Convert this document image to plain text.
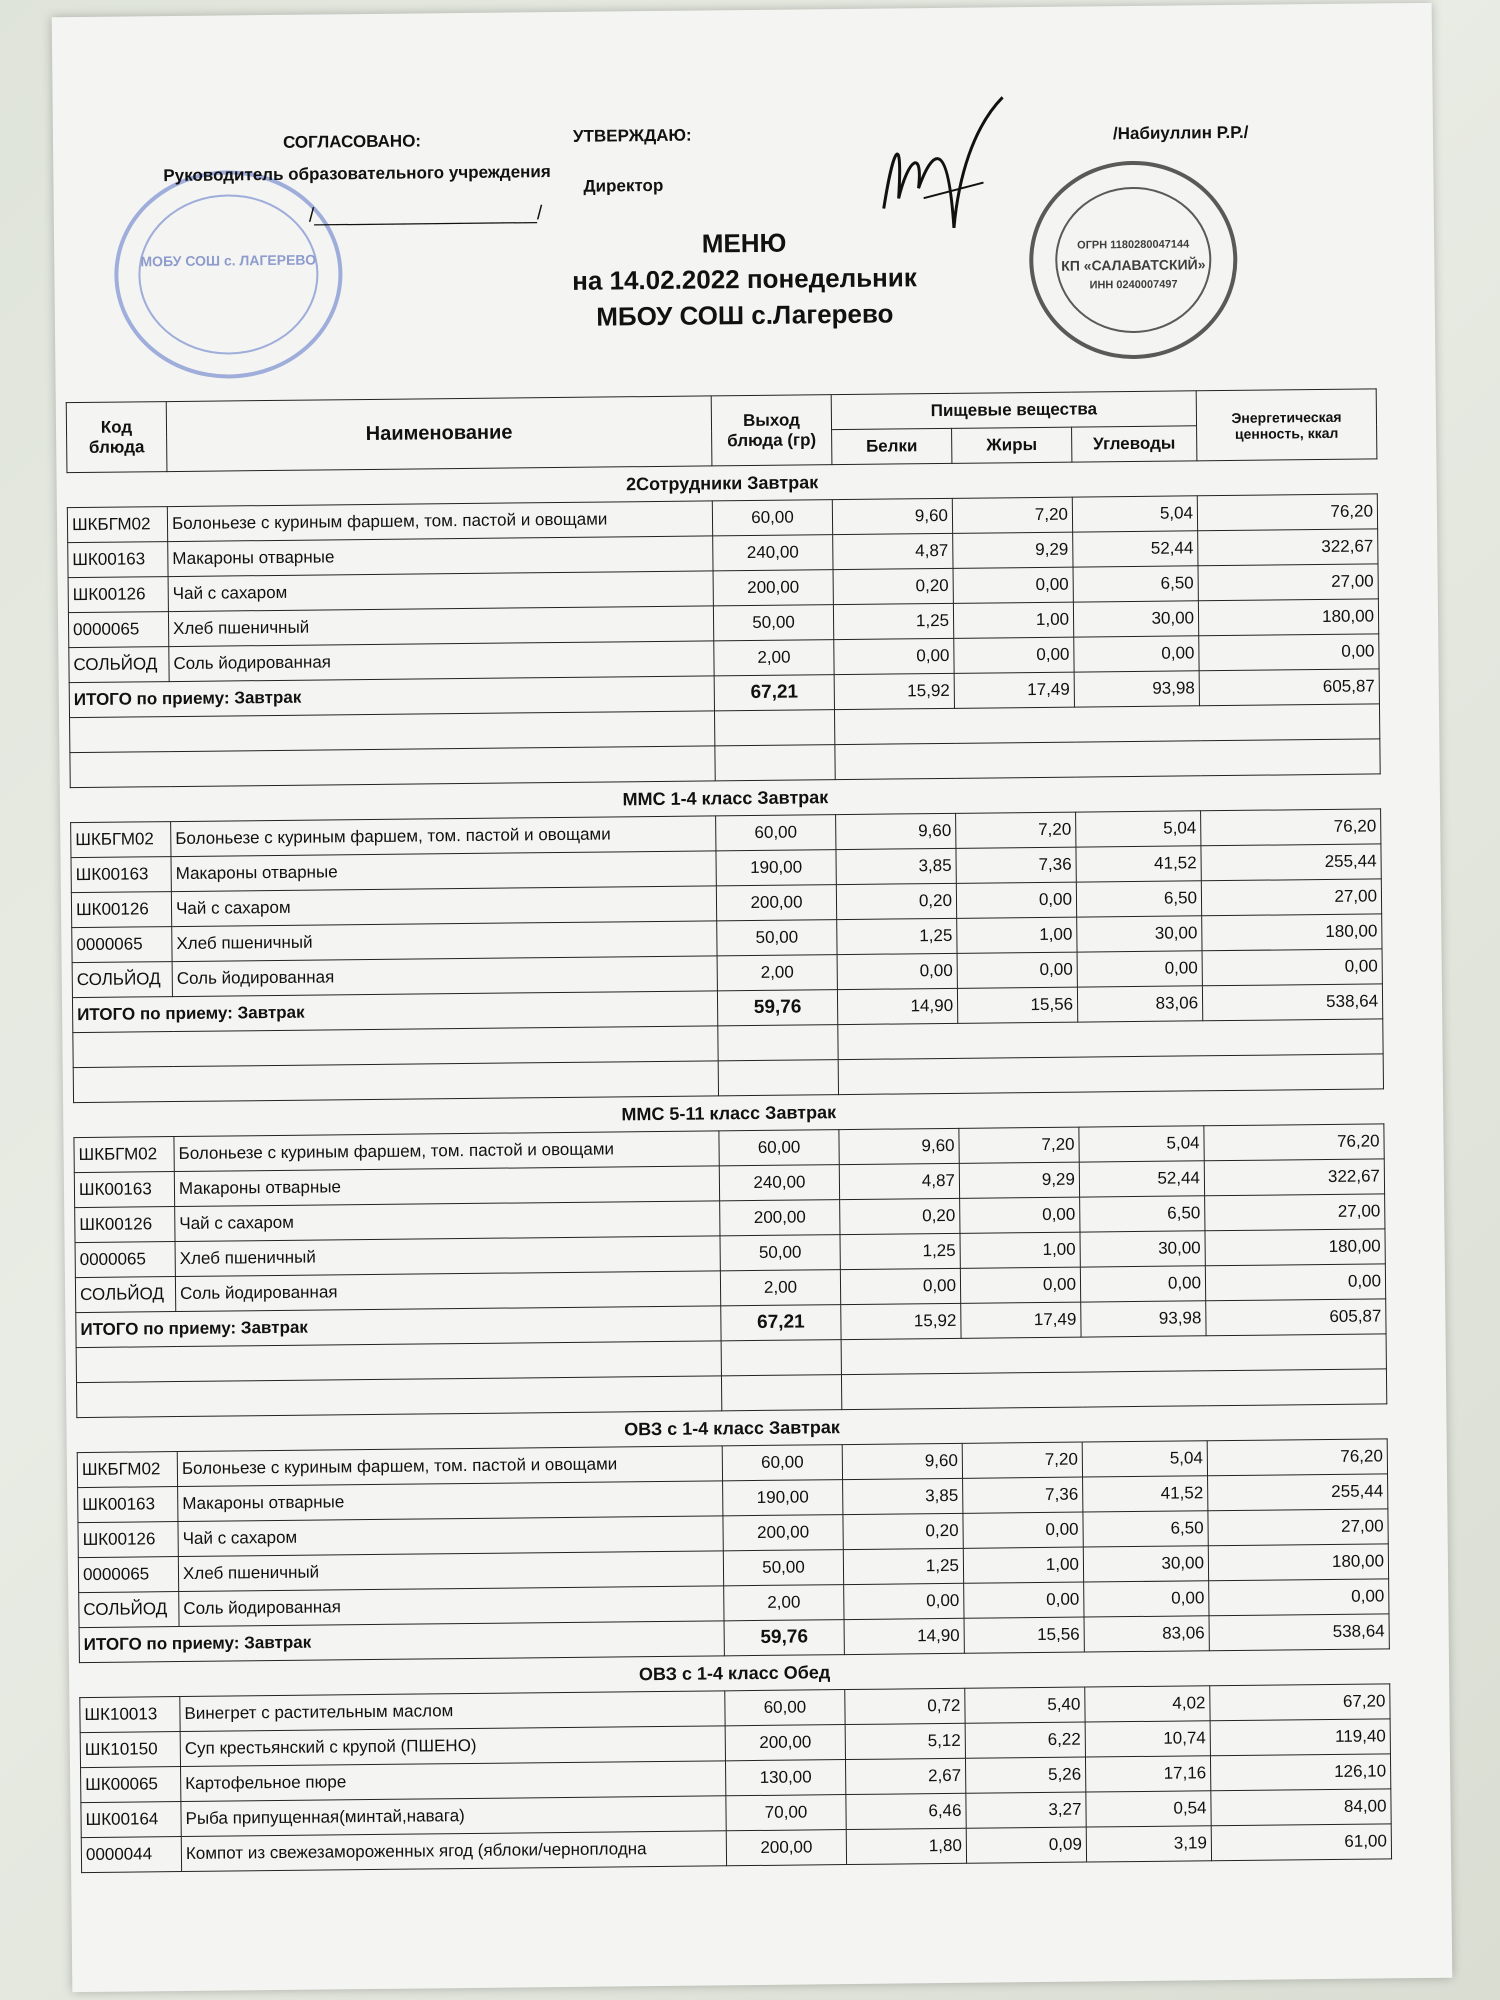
МОБУ СОШ с. ЛАГЕРЕВО
СОГЛАСОВАНО:
Руководитель образовательного учреждения
/____________________/
УТВЕРЖДАЮ:
Директор
/Набиуллин Р.Р./
ОГРН 1180280047144
КП «САЛАВАТСКИЙ»
ИНН 0240007497
МЕНЮ
на 14.02.2022 понедельник
МБОУ СОШ с.Лагерево
Код блюда	Наименование	Выход блюда (гр)	Пищевые вещества			Энергетическая ценность, ккал
			Белки	Жиры	Углеводы	
2Сотрудники Завтрак						
ШКБГМ02	Болоньезе с куриным фаршем, том. пастой и овощами	60,00	9,60	7,20	5,04	76,20
ШК00163	Макароны отварные	240,00	4,87	9,29	52,44	322,67
ШК00126	Чай с сахаром	200,00	0,20	0,00	6,50	27,00
0000065	Хлеб пшеничный	50,00	1,25	1,00	30,00	180,00
СОЛЬЙОД	Соль йодированная	2,00	0,00	0,00	0,00	0,00
ИТОГО по приему: Завтрак		67,21	15,92	17,49	93,98	605,87

ММС 1-4 класс Завтрак						
ШКБГМ02	Болоньезе с куриным фаршем, том. пастой и овощами	60,00	9,60	7,20	5,04	76,20
ШК00163	Макароны отварные	190,00	3,85	7,36	41,52	255,44
ШК00126	Чай с сахаром	200,00	0,20	0,00	6,50	27,00
0000065	Хлеб пшеничный	50,00	1,25	1,00	30,00	180,00
СОЛЬЙОД	Соль йодированная	2,00	0,00	0,00	0,00	0,00
ИТОГО по приему: Завтрак		59,76	14,90	15,56	83,06	538,64

ММС 5-11 класс Завтрак						
ШКБГМ02	Болоньезе с куриным фаршем, том. пастой и овощами	60,00	9,60	7,20	5,04	76,20
ШК00163	Макароны отварные	240,00	4,87	9,29	52,44	322,67
ШК00126	Чай с сахаром	200,00	0,20	0,00	6,50	27,00
0000065	Хлеб пшеничный	50,00	1,25	1,00	30,00	180,00
СОЛЬЙОД	Соль йодированная	2,00	0,00	0,00	0,00	0,00
ИТОГО по приему: Завтрак		67,21	15,92	17,49	93,98	605,87

ОВЗ с 1-4 класс Завтрак						
ШКБГМ02	Болоньезе с куриным фаршем, том. пастой и овощами	60,00	9,60	7,20	5,04	76,20
ШК00163	Макароны отварные	190,00	3,85	7,36	41,52	255,44
ШК00126	Чай с сахаром	200,00	0,20	0,00	6,50	27,00
0000065	Хлеб пшеничный	50,00	1,25	1,00	30,00	180,00
СОЛЬЙОД	Соль йодированная	2,00	0,00	0,00	0,00	0,00
ИТОГО по приему: Завтрак		59,76	14,90	15,56	83,06	538,64
ОВЗ с 1-4 класс Обед						
ШК10013	Винегрет с растительным маслом	60,00	0,72	5,40	4,02	67,20
ШК10150	Суп крестьянский с крупой (ПШЕНО)	200,00	5,12	6,22	10,74	119,40
ШК00065	Картофельное пюре	130,00	2,67	5,26	17,16	126,10
ШК00164	Рыба припущенная(минтай,навага)	70,00	6,46	3,27	0,54	84,00
0000044	Компот из свежезамороженных ягод (яблоки/черноплодна	200,00	1,80	0,09	3,19	61,00
